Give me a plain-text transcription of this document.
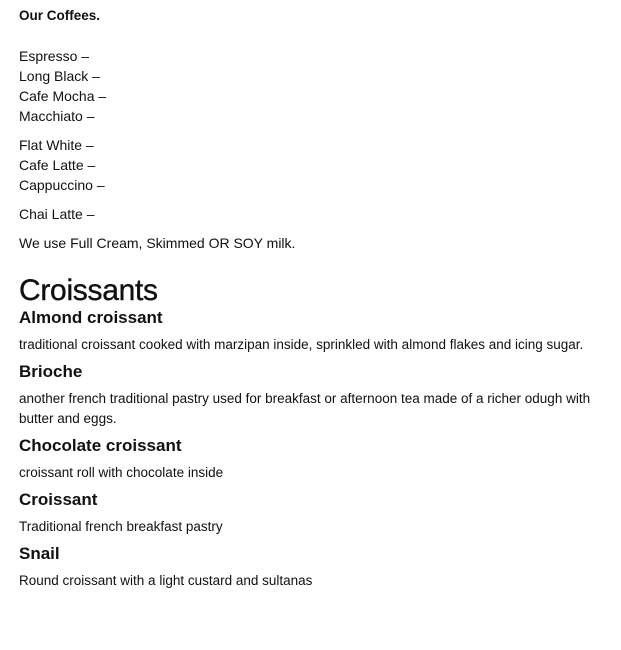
Our Coffees.
Espresso –
Long Black –
Cafe Mocha –
Macchiato –
Flat White –
Cafe Latte –
Cappuccino –
Chai Latte –
We use Full Cream, Skimmed OR SOY milk.
Croissants
Almond croissant
traditional croissant cooked with marzipan inside, sprinkled with almond flakes and icing sugar.
Brioche
another french traditional pastry used for breakfast or afternoon tea made of a richer odugh with butter and eggs.
Chocolate croissant
croissant roll with chocolate inside
Croissant
Traditional french breakfast pastry
Snail
Round croissant with a light custard and sultanas
